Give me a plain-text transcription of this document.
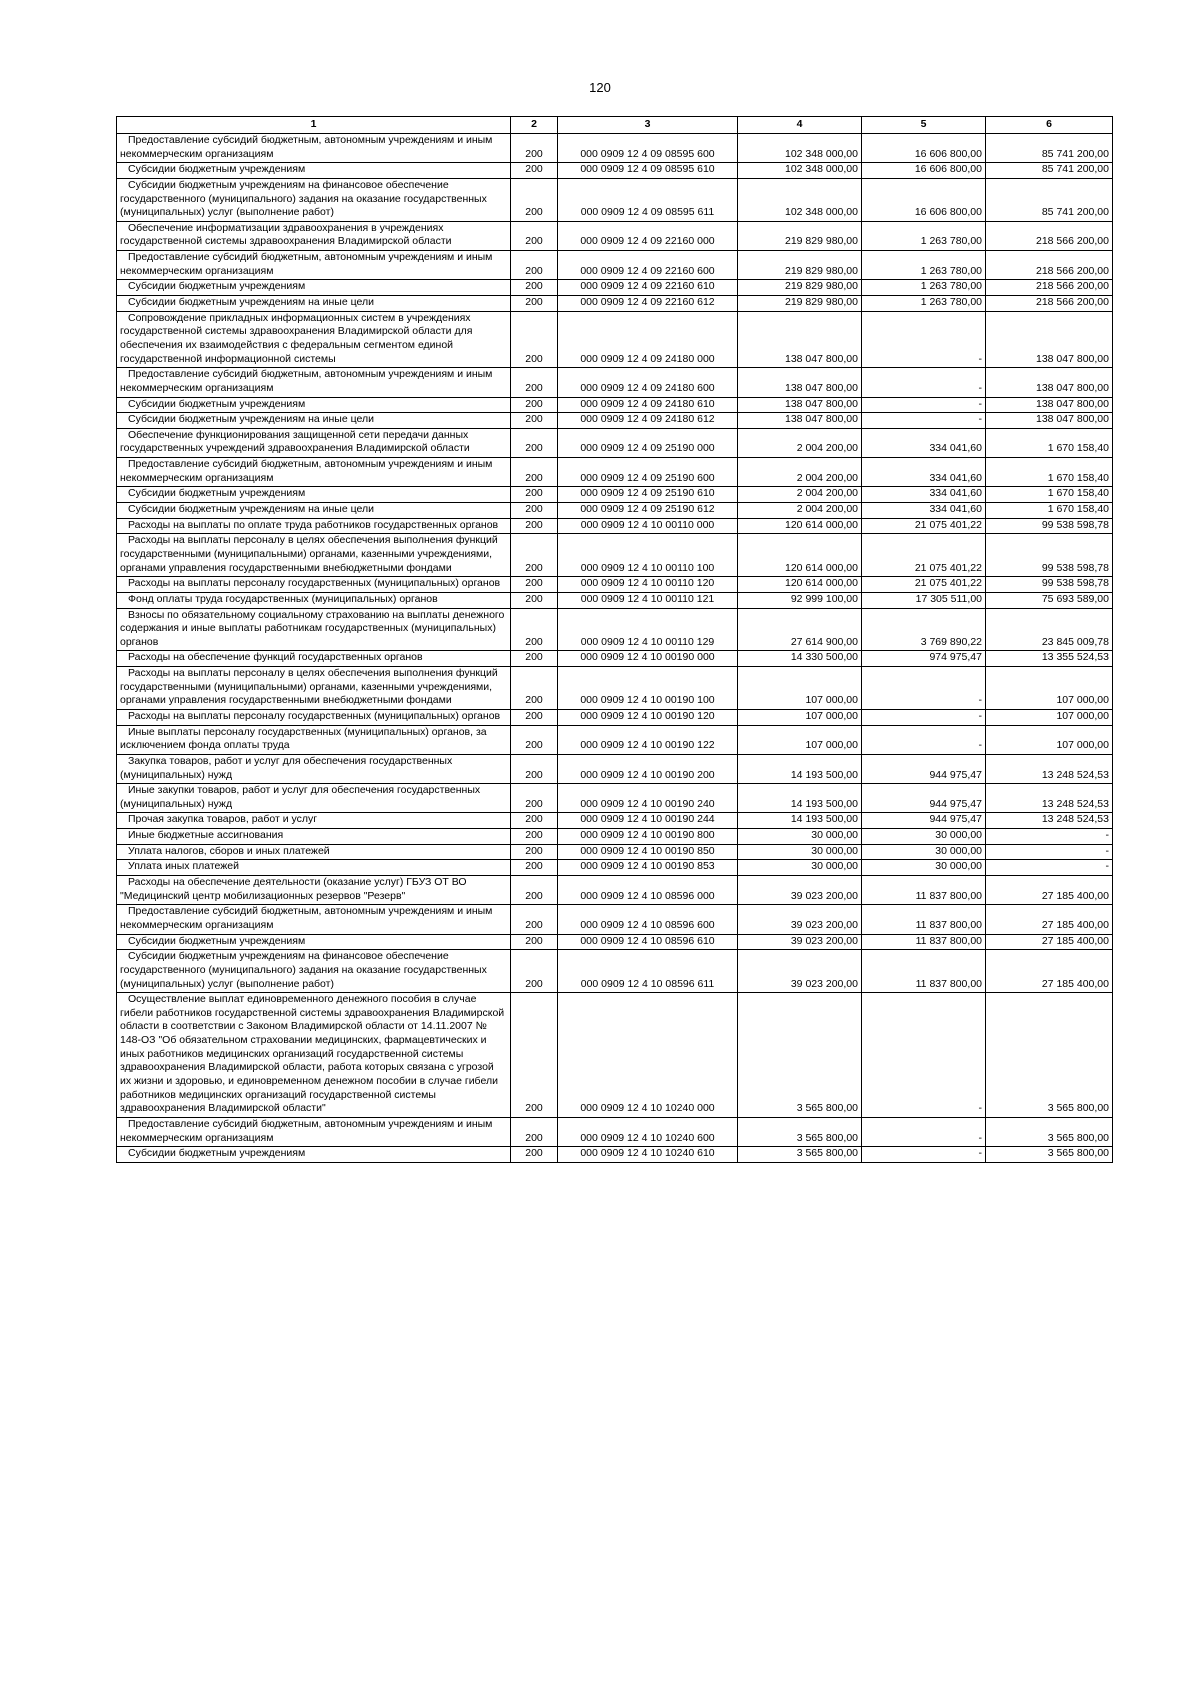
120
1	2	3	4	5	6
Предоставление субсидий бюджетным, автономным учреждениям и иным некоммерческим организациям	200	000 0909 12 4 09 08595 600	102 348 000,00	16 606 800,00	85 741 200,00
Субсидии бюджетным учреждениям	200	000 0909 12 4 09 08595 610	102 348 000,00	16 606 800,00	85 741 200,00
Субсидии бюджетным учреждениям на финансовое обеспечение государственного (муниципального) задания на оказание государственных (муниципальных) услуг (выполнение работ)	200	000 0909 12 4 09 08595 611	102 348 000,00	16 606 800,00	85 741 200,00
Обеспечение информатизации здравоохранения в учреждениях государственной системы здравоохранения Владимирской области	200	000 0909 12 4 09 22160 000	219 829 980,00	1 263 780,00	218 566 200,00
Предоставление субсидий бюджетным, автономным учреждениям и иным некоммерческим организациям	200	000 0909 12 4 09 22160 600	219 829 980,00	1 263 780,00	218 566 200,00
Субсидии бюджетным учреждениям	200	000 0909 12 4 09 22160 610	219 829 980,00	1 263 780,00	218 566 200,00
Субсидии бюджетным учреждениям на иные цели	200	000 0909 12 4 09 22160 612	219 829 980,00	1 263 780,00	218 566 200,00
Сопровождение прикладных информационных систем в учреждениях государственной системы здравоохранения Владимирской области для обеспечения их взаимодействия с федеральным сегментом единой государственной информационной системы	200	000 0909 12 4 09 24180 000	138 047 800,00	-	138 047 800,00
Предоставление субсидий бюджетным, автономным учреждениям и иным некоммерческим организациям	200	000 0909 12 4 09 24180 600	138 047 800,00	-	138 047 800,00
Субсидии бюджетным учреждениям	200	000 0909 12 4 09 24180 610	138 047 800,00	-	138 047 800,00
Субсидии бюджетным учреждениям на иные цели	200	000 0909 12 4 09 24180 612	138 047 800,00	-	138 047 800,00
Обеспечение функционирования защищенной сети передачи данных государственных учреждений здравоохранения Владимирской области	200	000 0909 12 4 09 25190 000	2 004 200,00	334 041,60	1 670 158,40
Предоставление субсидий бюджетным, автономным учреждениям и иным некоммерческим организациям	200	000 0909 12 4 09 25190 600	2 004 200,00	334 041,60	1 670 158,40
Субсидии бюджетным учреждениям	200	000 0909 12 4 09 25190 610	2 004 200,00	334 041,60	1 670 158,40
Субсидии бюджетным учреждениям на иные цели	200	000 0909 12 4 09 25190 612	2 004 200,00	334 041,60	1 670 158,40
Расходы на выплаты по оплате труда работников государственных органов	200	000 0909 12 4 10 00110 000	120 614 000,00	21 075 401,22	99 538 598,78
Расходы на выплаты персоналу в целях обеспечения выполнения функций государственными (муниципальными) органами, казенными учреждениями, органами управления государственными внебюджетными фондами	200	000 0909 12 4 10 00110 100	120 614 000,00	21 075 401,22	99 538 598,78
Расходы на выплаты персоналу государственных (муниципальных) органов	200	000 0909 12 4 10 00110 120	120 614 000,00	21 075 401,22	99 538 598,78
Фонд оплаты труда государственных (муниципальных) органов	200	000 0909 12 4 10 00110 121	92 999 100,00	17 305 511,00	75 693 589,00
Взносы по обязательному социальному страхованию на выплаты денежного содержания и иные выплаты работникам государственных (муниципальных) органов	200	000 0909 12 4 10 00110 129	27 614 900,00	3 769 890,22	23 845 009,78
Расходы на обеспечение функций государственных органов	200	000 0909 12 4 10 00190 000	14 330 500,00	974 975,47	13 355 524,53
Расходы на выплаты персоналу в целях обеспечения выполнения функций государственными (муниципальными) органами, казенными учреждениями, органами управления государственными внебюджетными фондами	200	000 0909 12 4 10 00190 100	107 000,00	-	107 000,00
Расходы на выплаты персоналу государственных (муниципальных) органов	200	000 0909 12 4 10 00190 120	107 000,00	-	107 000,00
Иные выплаты персоналу государственных (муниципальных) органов, за исключением фонда оплаты труда	200	000 0909 12 4 10 00190 122	107 000,00	-	107 000,00
Закупка товаров, работ и услуг для обеспечения государственных (муниципальных) нужд	200	000 0909 12 4 10 00190 200	14 193 500,00	944 975,47	13 248 524,53
Иные закупки товаров, работ и услуг для обеспечения государственных (муниципальных) нужд	200	000 0909 12 4 10 00190 240	14 193 500,00	944 975,47	13 248 524,53
Прочая закупка товаров, работ и услуг	200	000 0909 12 4 10 00190 244	14 193 500,00	944 975,47	13 248 524,53
Иные бюджетные ассигнования	200	000 0909 12 4 10 00190 800	30 000,00	30 000,00	-
Уплата налогов, сборов и иных платежей	200	000 0909 12 4 10 00190 850	30 000,00	30 000,00	-
Уплата иных платежей	200	000 0909 12 4 10 00190 853	30 000,00	30 000,00	-
Расходы на обеспечение деятельности (оказание услуг) ГБУЗ ОТ ВО "Медицинский центр мобилизационных резервов "Резерв"	200	000 0909 12 4 10 08596 000	39 023 200,00	11 837 800,00	27 185 400,00
Предоставление субсидий бюджетным, автономным учреждениям и иным некоммерческим организациям	200	000 0909 12 4 10 08596 600	39 023 200,00	11 837 800,00	27 185 400,00
Субсидии бюджетным учреждениям	200	000 0909 12 4 10 08596 610	39 023 200,00	11 837 800,00	27 185 400,00
Субсидии бюджетным учреждениям на финансовое обеспечение государственного (муниципального) задания на оказание государственных (муниципальных) услуг (выполнение работ)	200	000 0909 12 4 10 08596 611	39 023 200,00	11 837 800,00	27 185 400,00
Осуществление выплат единовременного денежного пособия в случае гибели работников государственной системы здравоохранения Владимирской области в соответствии с Законом Владимирской области от 14.11.2007 № 148-ОЗ "Об обязательном страховании медицинских, фармацевтических и иных работников медицинских организаций государственной системы здравоохранения Владимирской области, работа которых связана с угрозой их жизни и здоровью, и единовременном денежном пособии в случае гибели работников медицинских организаций государственной системы здравоохранения Владимирской области"	200	000 0909 12 4 10 10240 000	3 565 800,00	-	3 565 800,00
Предоставление субсидий бюджетным, автономным учреждениям и иным некоммерческим организациям	200	000 0909 12 4 10 10240 600	3 565 800,00	-	3 565 800,00
Субсидии бюджетным учреждениям	200	000 0909 12 4 10 10240 610	3 565 800,00	-	3 565 800,00
